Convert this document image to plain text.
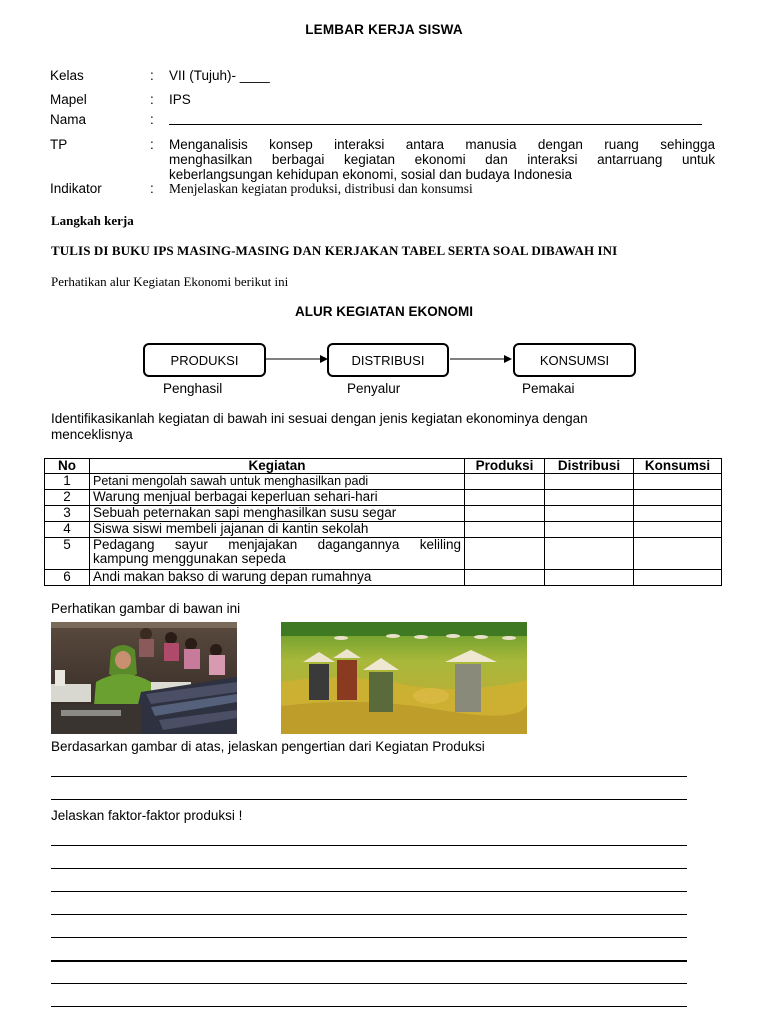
LEMBAR KERJA SISWA
Kelas	: VII (Tujuh)- ____
Mapel	: IPS
Nama	:
TP	: Menganalisis konsep interaksi antara manusia dengan ruang sehingga
menghasilkan berbagai kegiatan ekonomi dan interaksi antarruang untuk
keberlangsungan kehidupan ekonomi, sosial dan budaya Indonesia
Indikator	: Menjelaskan kegiatan produksi, distribusi dan konsumsi
Langkah kerja
TULIS DI BUKU IPS MASING-MASING DAN KERJAKAN TABEL SERTA SOAL DIBAWAH INI
Perhatikan alur Kegiatan Ekonomi berikut ini
ALUR KEGIATAN EKONOMI
PRODUKSI	DISTRIBUSI	KONSUMSI
Penghasil	Penyalur	Pemakai
Identifikasikanlah kegiatan di bawah ini sesuai dengan jenis kegiatan ekonominya dengan
menceklisnya
No	Kegiatan	Produksi	Distribusi	Konsumsi
1	Petani mengolah sawah untuk menghasilkan padi			
2	Warung menjual berbagai keperluan sehari-hari			
3	Sebuah peternakan sapi menghasilkan susu segar			
4	Siswa siswi membeli jajanan di kantin sekolah			
5	Pedagang sayur menjajakan dagangannya keliling
kampung menggunakan sepeda			

6	Andi makan bakso di warung depan rumahnya			
Perhatikan gambar di bawan ini
Berdasarkan gambar di atas, jelaskan pengertian dari Kegiatan Produksi
Jelaskan faktor-faktor produksi !
